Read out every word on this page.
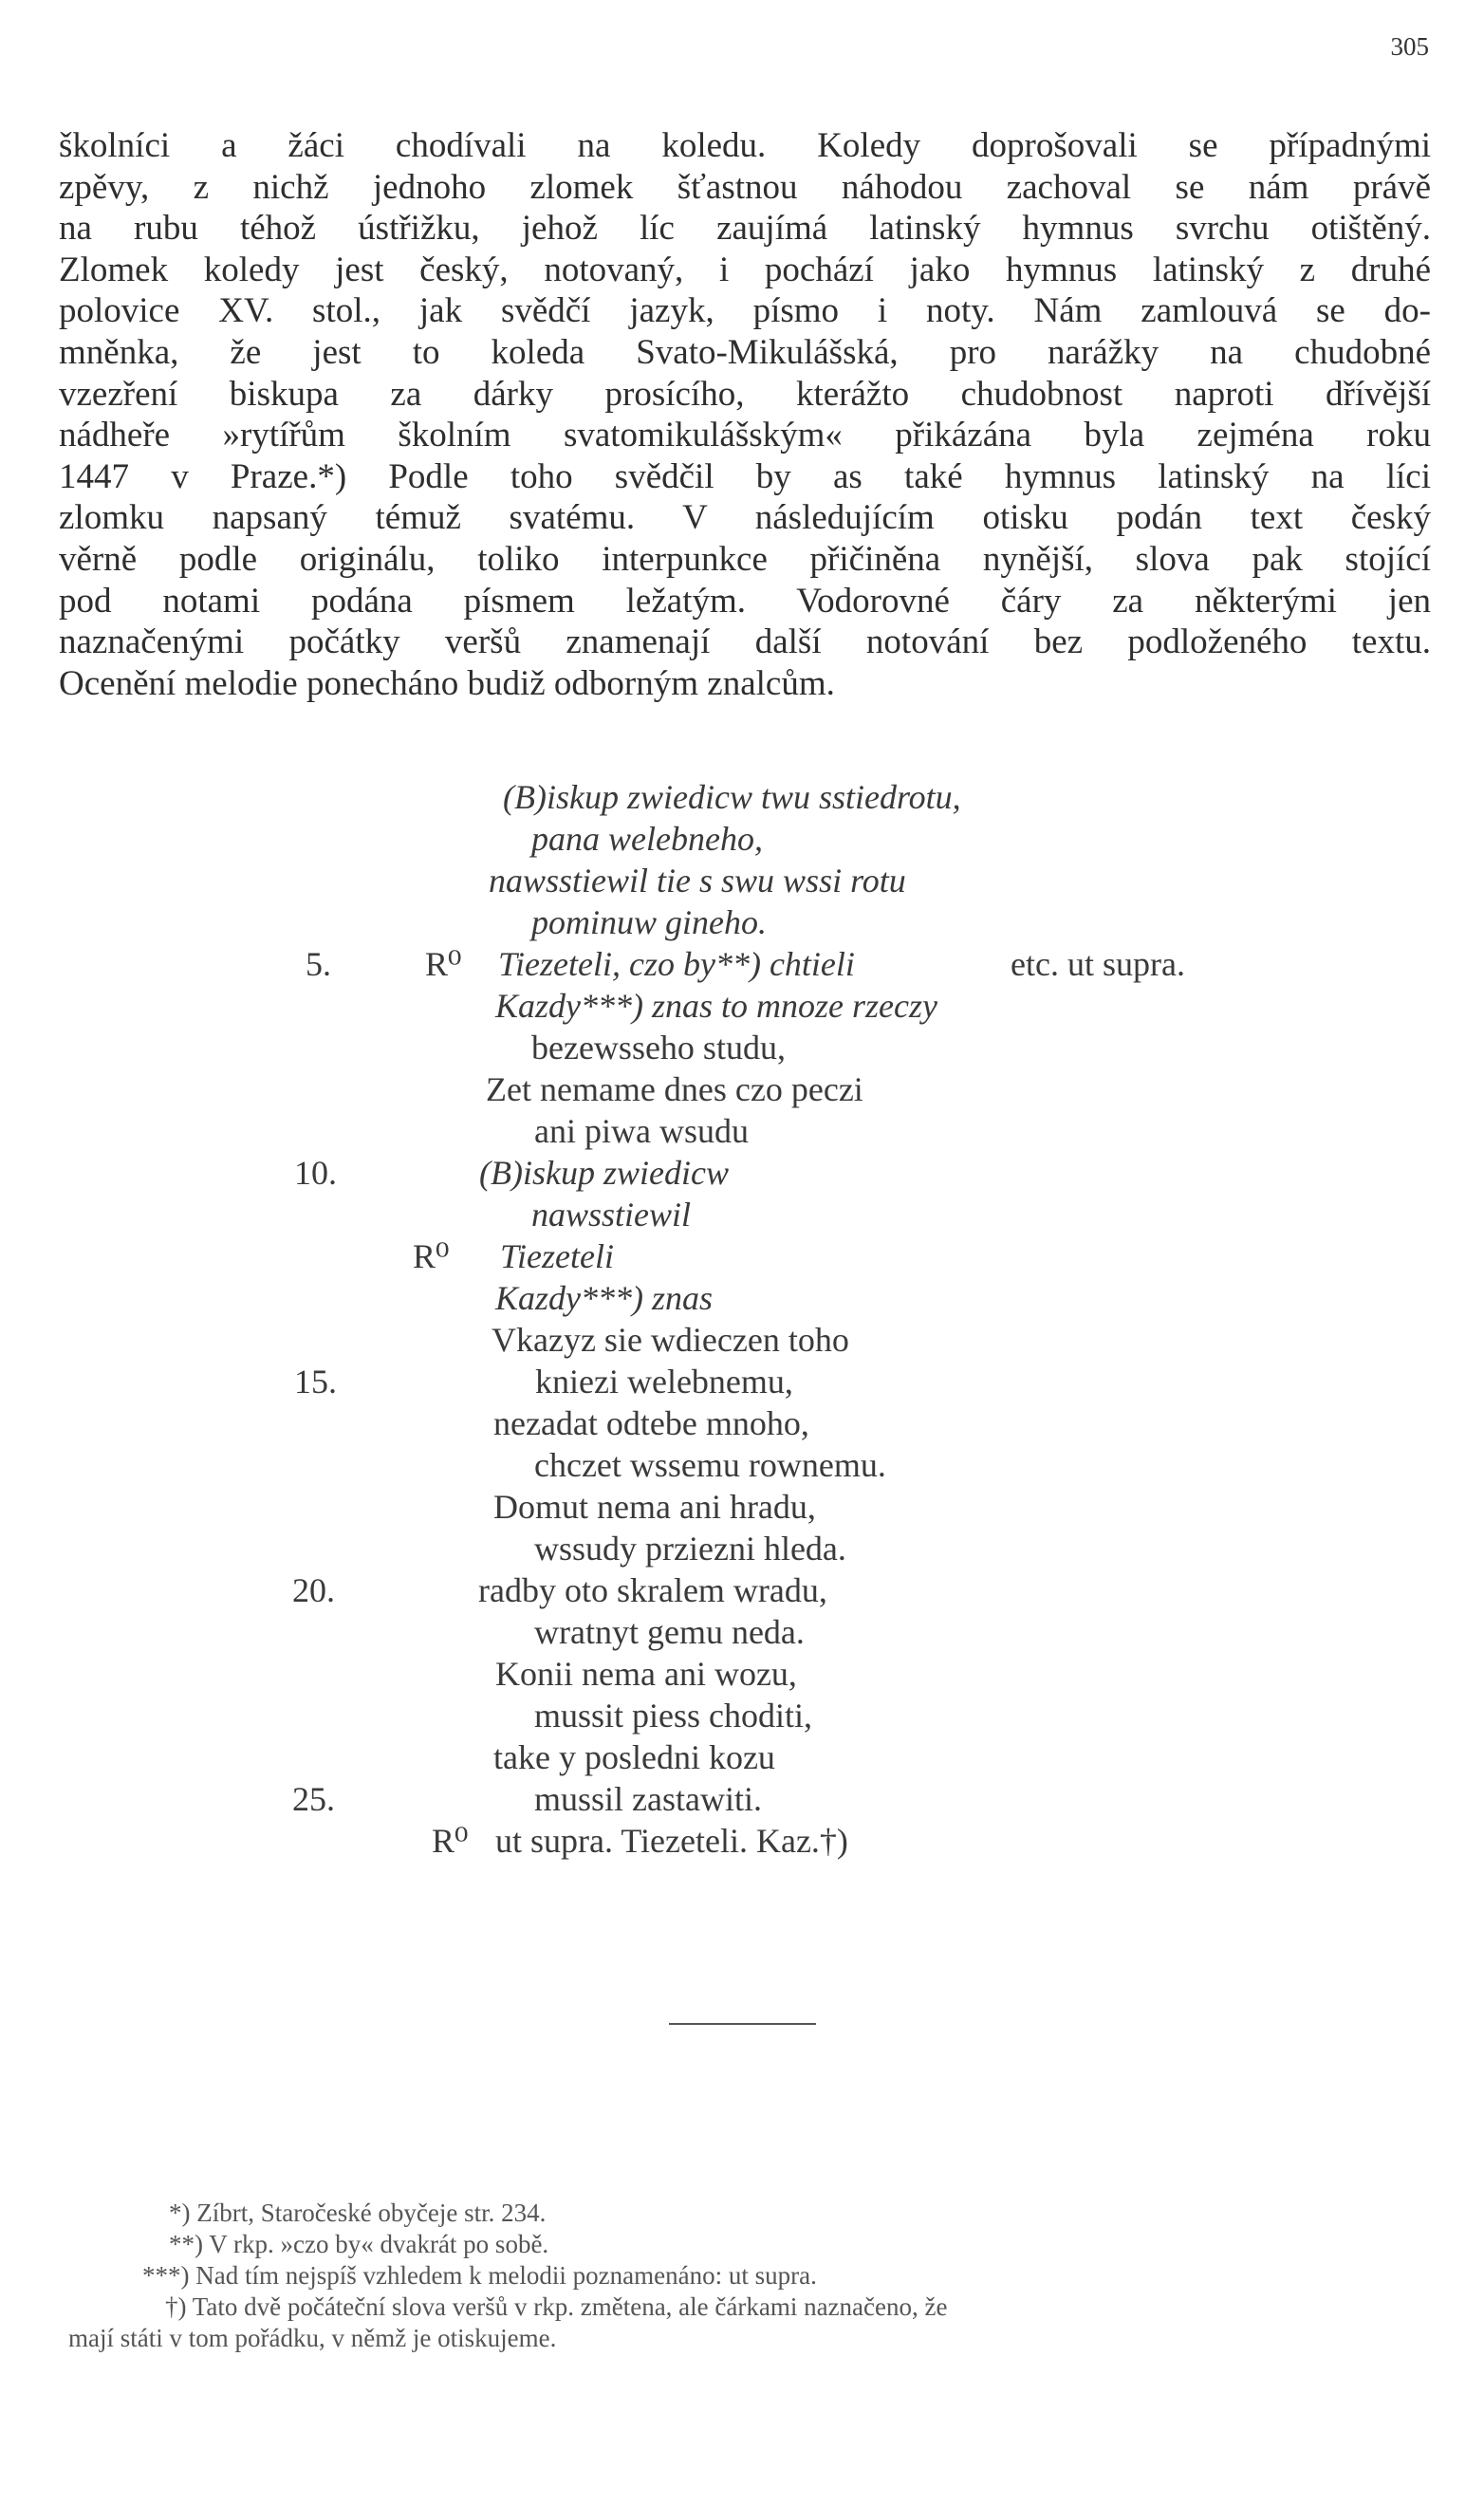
305
školníci a žáci chodívali na koledu. Koledy doprošovali se případnými
zpěvy, z nichž jednoho zlomek šťastnou náhodou zachoval se nám právě
na rubu téhož ústřižku, jehož líc zaujímá latinský hymnus svrchu otištěný.
Zlomek koledy jest český, notovaný, i pochází jako hymnus latinský z druhé
polovice XV. stol., jak svědčí jazyk, písmo i noty. Nám zamlouvá se do-
mněnka, že jest to koleda Svato-Mikulášská, pro narážky na chudobné
vzezření biskupa za dárky prosícího, kterážto chudobnost naproti dřívější
nádheře »rytířům školním svatomikulášským« přikázána byla zejména roku
1447 v Praze.*) Podle toho svědčil by as také hymnus latinský na líci
zlomku napsaný témuž svatému. V následujícím otisku podán text český
věrně podle originálu, toliko interpunkce přičiněna nynější, slova pak stojící
pod notami podána písmem ležatým. Vodorovné čáry za některými jen
naznačenými počátky veršů znamenají další notování bez podloženého textu.
Ocenění melodie ponecháno budiž odborným znalcům.
(B)iskup zwiedicw twu sstiedrotu,
pana welebneho,
nawsstiewil tie s swu wssi rotu
pominuw gineho.
5.	R⁰ Tiezeteli, czo by**) chtieli	etc. ut supra.
Kazdy***) znas to mnoze rzeczy
bezewsseho studu,
Zet nemame dnes czo peczi
ani piwa wsudu
10.	(B)iskup zwiedicw
nawsstiewil
R⁰ Tiezeteli
Kazdy***) znas
Vkazyz sie wdieczen toho
15.	kniezi welebnemu,
nezadat odtebe mnoho,
chczet wssemu rownemu.
Domut nema ani hradu,
wssudy prziezni hleda.
20.	radby oto skralem wradu,
wratnyt gemu neda.
Konii nema ani wozu,
mussit piess choditi,
take y posledni kozu
25.	mussil zastawiti.
R⁰ ut supra. Tiezeteli. Kaz.†)
*) Zíbrt, Staročeské obyčeje str. 234.
**) V rkp. »czo by« dvakrát po sobě.
***) Nad tím nejspíš vzhledem k melodii poznamenáno: ut supra.
†) Tato dvě počáteční slova veršů v rkp. změtena, ale čárkami naznačeno, že
mají státi v tom pořádku, v němž je otiskujeme.
